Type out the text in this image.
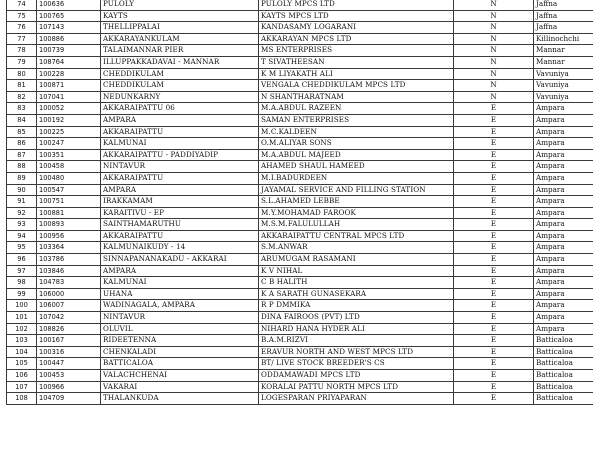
74	100636	PULOLY	PULOLY MPCS LTD	N	Jaffna
75	100765	KAYTS	KAYTS MPCS LTD	N	Jaffna
76	107143	THELLIPPALAI	KANDASAMY LOGARANI	N	Jaffna
77	100886	AKKARAYANKULAM	AKKARAYAN MPCS LTD	N	Killinochchi
78	100739	TALAIMANNAR PIER	MS ENTERPRISES	N	Mannar
79	108764	ILLUPPAKKADAVAI - MANNAR	T SIVATHEESAN	N	Mannar
80	100228	CHEDDIKULAM	K M LIYAKATH ALI	N	Vavuniya
81	100871	CHEDDIKULAM	VENGALA CHEDDIKULAM MPCS LTD	N	Vavuniya
82	107041	NEDUNKARNY	N SHANTHARATNAM	N	Vavuniya
83	100052	AKKARAIPATTU 06	M.A.ABDUL RAZEEN	E	Ampara
84	100192	AMPARA	SAMAN ENTERPRISES	E	Ampara
85	100225	AKKARAIPATTU	M.C.KALDEEN	E	Ampara
86	100247	KALMUNAI	O.M.ALIYAR SONS	E	Ampara
87	100351	AKKARAIPATTU - PADDIYADIP	M.A.ABDUL MAJEED	E	Ampara
88	100458	NINTAVUR	AHAMED SHAUL HAMEED	E	Ampara
89	100480	AKKARAIPATTU	M.I.BADURDEEN	E	Ampara
90	100547	AMPARA	JAYAMAL SERVICE AND FILLING STATION	E	Ampara
91	100751	IRAKKAMAM	S.L.AHAMED LEBBE	E	Ampara
92	100881	KARAITIVU - EP	M.Y.MOHAMAD FAROOK	E	Ampara
93	100893	SAINTHAMARUTHU	M.S.M.FALULULLAH	E	Ampara
94	100956	AKKARAIPATTU	AKKARAIPATTU CENTRAL MPCS LTD	E	Ampara
95	103364	KALMUNAIKUDY - 14	S.M.ANWAR	E	Ampara
96	103786	SINNAPANANAKADU - AKKARAI	ARUMUGAM RASAMANI	E	Ampara
97	103846	AMPARA	K V NIHAL	E	Ampara
98	104783	KALMUNAI	C B HALITH	E	Ampara
99	106000	UHANA	K A SARATH GUNASEKARA	E	Ampara
100	106007	WADINAGALA, AMPARA	R P DMMIKA	E	Ampara
101	107042	NINTAVUR	DINA FAIROOS (PVT) LTD	E	Ampara
102	108826	OLUVIL	NIHARD HANA HYDER ALI	E	Ampara
103	100167	RIDEETENNA	B.A.M.RIZVI	E	Batticaloa
104	100316	CHENKALADI	ERAVUR NORTH AND WEST MPCS LTD	E	Batticaloa
105	100447	BATTICALOA	BT/ LIVE STOCK BREEDER'S CS	E	Batticaloa
106	100453	VALACHCHENAI	ODDAMAWADI MPCS LTD	E	Batticaloa
107	100966	VAKARAI	KORALAI PATTU NORTH MPCS LTD	E	Batticaloa
108	104709	THALANKUDA	LOGESPARAN PRIYAPARAN	E	Batticaloa
